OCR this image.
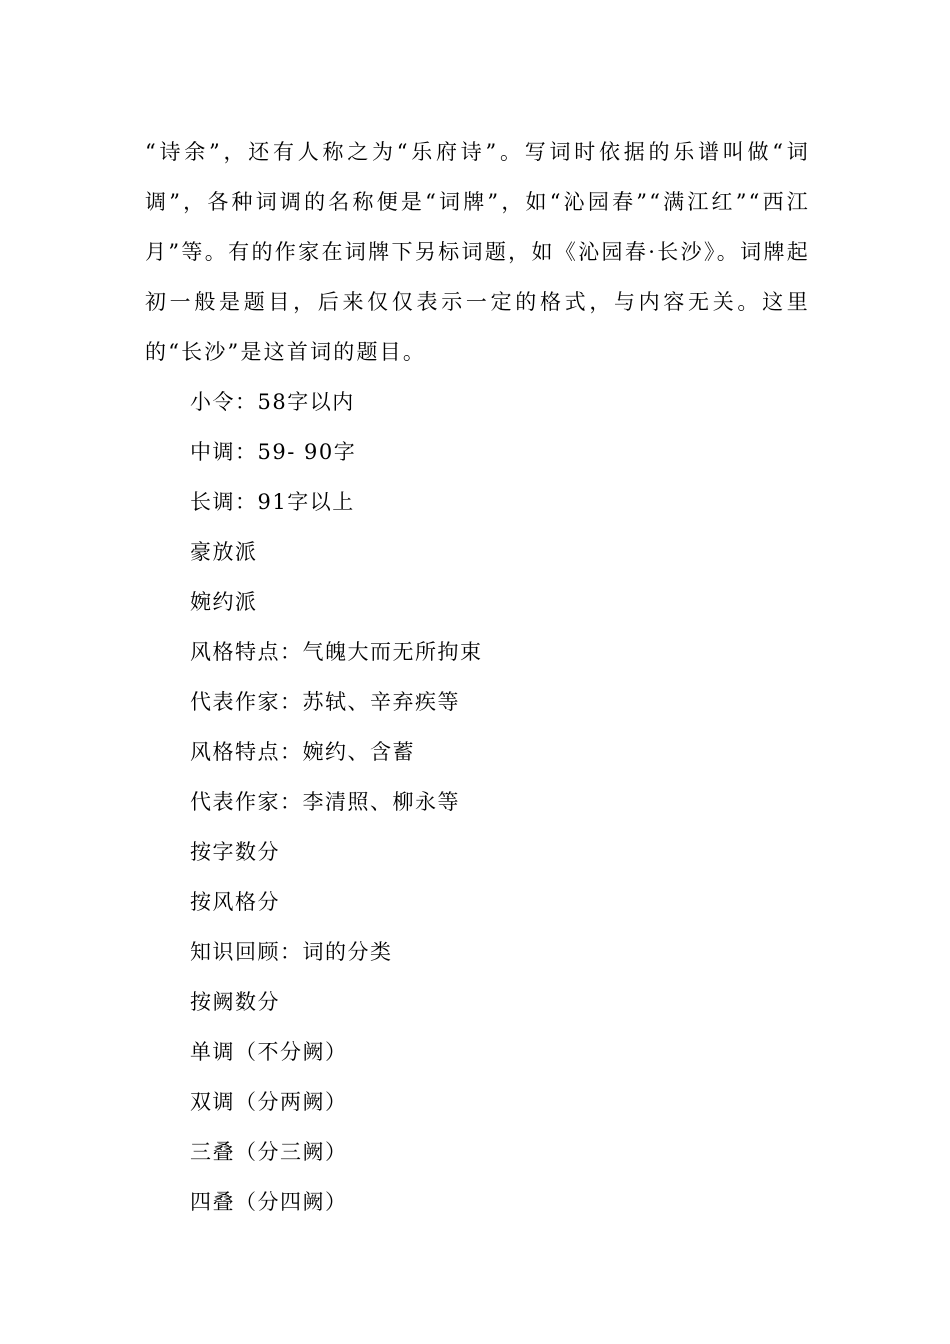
“诗余”，还有人称之为“乐府诗”。写词时依据的乐谱叫做“词调”，各种词调的名称便是“词牌”，如“沁园春”“满江红”“西江月”等。有的作家在词牌下另标词题，如《沁园春·长沙》。词牌起初一般是题目，后来仅仅表示一定的格式，与内容无关。这里的“长沙”是这首词的题目。

小令：58字以内
中调：59- 90字
长调：91字以上
豪放派
婉约派
风格特点：气魄大而无所拘束
代表作家：苏轼、辛弃疾等
风格特点：婉约、含蓄
代表作家：李清照、柳永等
按字数分
按风格分
知识回顾：词的分类
按阙数分
单调（不分阙）
双调（分两阙）
三叠（分三阙）
四叠（分四阙）
